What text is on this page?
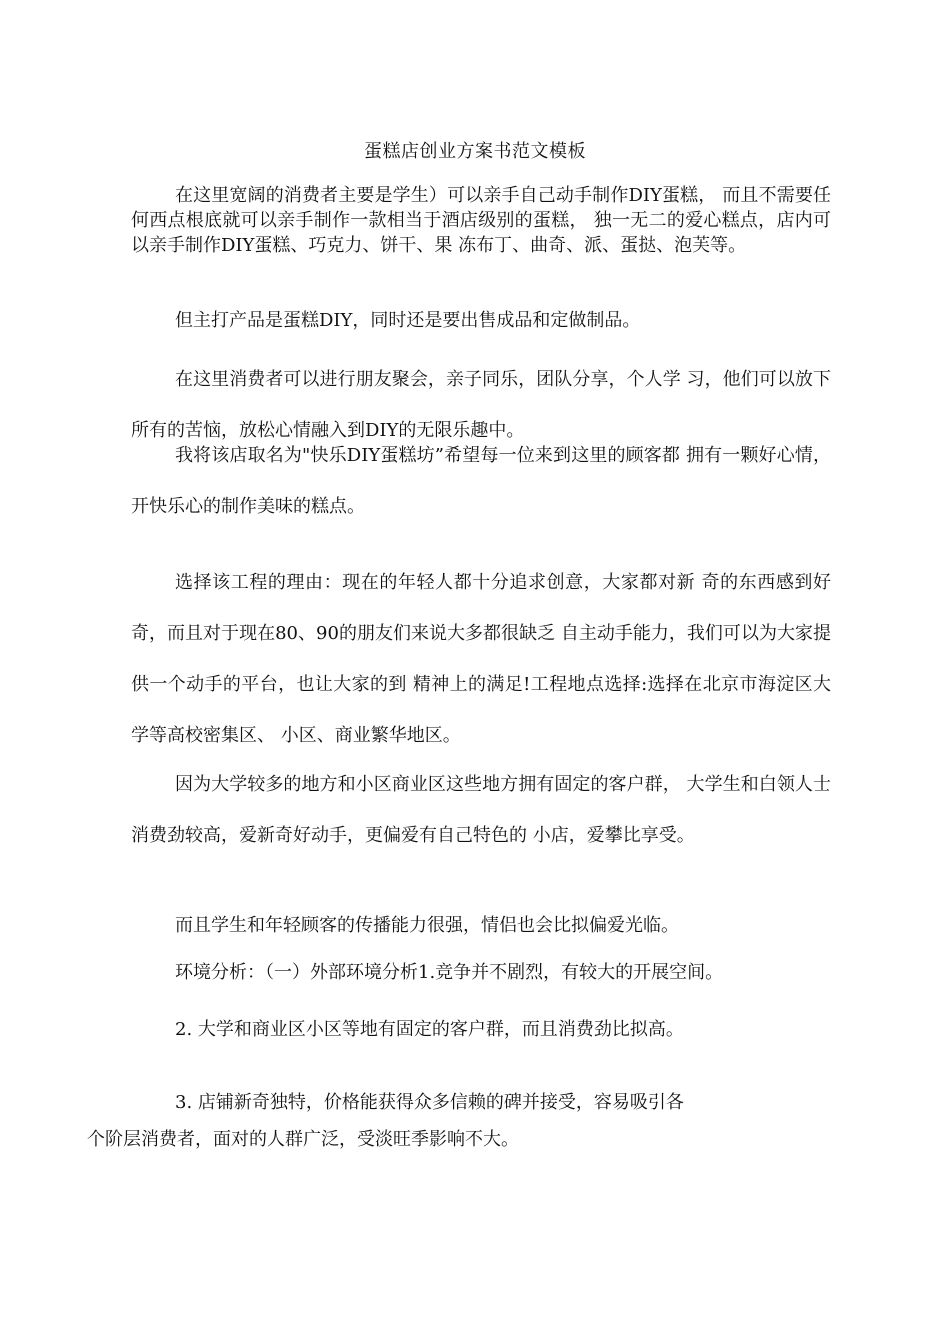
蛋糕店创业方案书范文模板

在这里宽阔的消费者主要是学生）可以亲手自己动手制作DIY蛋糕， 而且不需要任何西点根底就可以亲手制作一款相当于酒店级别的蛋糕， 独一无二的爱心糕点，店内可以亲手制作DIY蛋糕、巧克力、饼干、果 冻布丁、曲奇、派、蛋挞、泡芙等。

但主打产品是蛋糕DIY，同时还是要出售成品和定做制品。

在这里消费者可以进行朋友聚会，亲子同乐，团队分享，个人学 习，他们可以放下所有的苦恼，放松心情融入到DIY的无限乐趣中。

我将该店取名为"快乐DIY蛋糕坊”希望每一位来到这里的顾客都 拥有一颗好心情，开快乐心的制作美味的糕点。

选择该工程的理由：现在的年轻人都十分追求创意，大家都对新 奇的东西感到好奇，而且对于现在80、90的朋友们来说大多都很缺乏 自主动手能力，我们可以为大家提供一个动手的平台，也让大家的到 精神上的满足!工程地点选择:选择在北京市海淀区大学等高校密集区、 小区、商业繁华地区。

因为大学较多的地方和小区商业区这些地方拥有固定的客户群， 大学生和白领人士消费劲较高，爱新奇好动手，更偏爱有自己特色的 小店，爱攀比享受。

而且学生和年轻顾客的传播能力很强，情侣也会比拟偏爱光临。

环境分析：（一）外部环境分析1.竞争并不剧烈，有较大的开展空间。

2. 大学和商业区小区等地有固定的客户群，而且消费劲比拟高。

3. 店铺新奇独特，价格能获得众多信赖的碑并接受，容易吸引各
个阶层消费者，面对的人群广泛，受淡旺季影响不大。
